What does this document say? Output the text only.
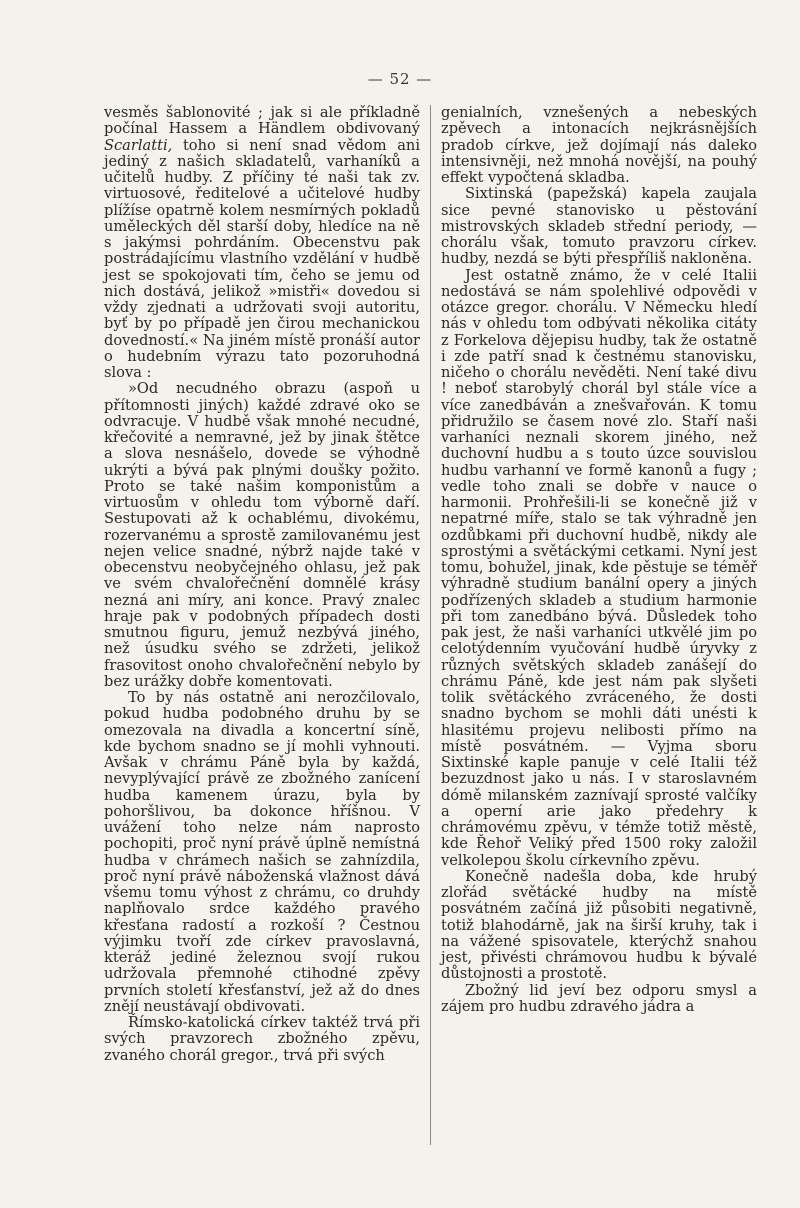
— 52 —

vesměs šablonovité ; jak si ale příkladně počínal Hassem a Händlem obdivovaný Scarlatti, toho si není snad vědom ani jediný z našich skladatelů, varhaníků a učitelů hudby. Z příčiny té naši tak zv. virtuosové, ředitelové a učitelové hudby plížíse opatrně kolem nesmírných pokladů uměleckých děl starší doby, hledíce na ně s jakýmsi pohrdáním. Obecenstvu pak postrádajícímu vlastního vzdělání v hudbě jest se spokojovati tím, čeho se jemu od nich dostává, jelikož »mistři« dovedou si vždy zjednati a udržovati svoji autoritu, byť by po případě jen čirou mechanickou dovedností.« Na jiném místě pronáší autor o hudebním výrazu tato pozoruhodná slova :

»Od necudného obrazu (aspoň u přítomnosti jiných) každé zdravé oko se odvracuje. V hudbě však mnohé necudné, křečovité a nemravné, jež by jinak štětce a slova nesnášelo, dovede se výhodně ukrýti a bývá pak plnými doušky požito. Proto se také našim komponistům a virtuosům v ohledu tom výborně daří. Sestupovati až k ochablému, divokému, rozervanému a sprostě zamilovanému jest nejen velice snadné, nýbrž najde také v obecenstvu neobyčejného ohlasu, jež pak ve svém chvalořečnění domnělé krásy nezná ani míry, ani konce. Pravý znalec hraje pak v podobných případech dosti smutnou figuru, jemuž nezbývá jiného, než úsudku svého se zdržeti, jelikož frasovitost onoho chvalořečnění nebylo by bez urážky dobře komentovati.

To by nás ostatně ani nerozčilovalo, pokud hudba podobného druhu by se omezovala na divadla a koncertní síně, kde bychom snadno se jí mohli vyhnouti. Avšak v chrámu Páně byla by každá, nevyplývající právě ze zbožného zanícení hudba kamenem úrazu, byla by pohoršlivou, ba dokonce hříšnou. V uvážení toho nelze nám naprosto pochopiti, proč nyní právě úplně nemístná hudba v chrámech našich se zahnízdila, proč nyní právě náboženská vlažnost dává všemu tomu výhost z chrámu, co druhdy naplňovalo srdce každého pravého křesťana radostí a rozkoší ? Čestnou výjimku tvoří zde církev pravoslavná, kteráž jediné železnou svojí rukou udržovala přemnohé ctihodné zpěvy prvních století křesťanství, jež až do dnes znějí neustávají obdivovati.

Římsko-katolická církev taktéž trvá při svých pravzorech zbožného zpěvu, zvaného chorál gregor., trvá při svých

genialních, vznešených a nebeských zpěvech a intonacích nejkrásnějších pradob církve, jež dojímají nás daleko intensivněji, než mnohá novější, na pouhý effekt vypočtená skladba.

Sixtinská (papežská) kapela zaujala sice pevné stanovisko u pěstování mistrovských skladeb střední periody, — chorálu však, tomuto pravzoru církev. hudby, nezdá se býti přespříliš nakloněna.

Jest ostatně známo, že v celé Italii nedostává se nám spolehlivé odpovědi v otázce gregor. chorálu. V Německu hledí nás v ohledu tom odbývati několika citáty z Forkelova dějepisu hudby, tak že ostatně i zde patří snad k čestnému stanovisku, ničeho o chorálu nevěděti. Není také divu ! neboť starobylý chorál byl stále více a více zanedbáván a znešvařován. K tomu přidružilo se časem nové zlo. Staří naši varhaníci neznali skorem jiného, než duchovní hudbu a s touto úzce souvislou hudbu varhanní ve formě kanonů a fugy ; vedle toho znali se dobře v nauce o harmonii. Prohřešili-li se konečně již v nepatrné míře, stalo se tak výhradně jen ozdůbkami při duchovní hudbě, nikdy ale sprostými a světáckými cetkami. Nyní jest tomu, bohužel, jinak, kde pěstuje se téměř výhradně studium banální opery a jiných podřízených skladeb a studium harmonie při tom zanedbáno bývá. Důsledek toho pak jest, že naši varhaníci utkvělé jim po celotýdenním vyučování hudbě úryvky z různých světských skladeb zanášejí do chrámu Páně, kde jest nám pak slyšeti tolik světáckého zvráceného, že dosti snadno bychom se mohli dáti unésti k hlasitému projevu nelibosti přímo na místě posvátném. — Vyjma sboru Sixtinské kaple panuje v celé Italii též bezuzdnost jako u nás. I v staroslavném dómě milanském zaznívají sprosté valčíky a operní arie jako předehry k chrámovému zpěvu, v témže totiž městě, kde Řehoř Veliký před 1500 roky založil velkolepou školu církevního zpěvu.

Konečně nadešla doba, kde hrubý zlořád světácké hudby na místě posvátném začíná již působiti negativně, totiž blahodárně, jak na širší kruhy, tak i na vážené spisovatele, kterýchž snahou jest, přivésti chrámovou hudbu k bývalé důstojnosti a prostotě.

Zbožný lid jeví bez odporu smysl a zájem pro hudbu zdravého jádra a
